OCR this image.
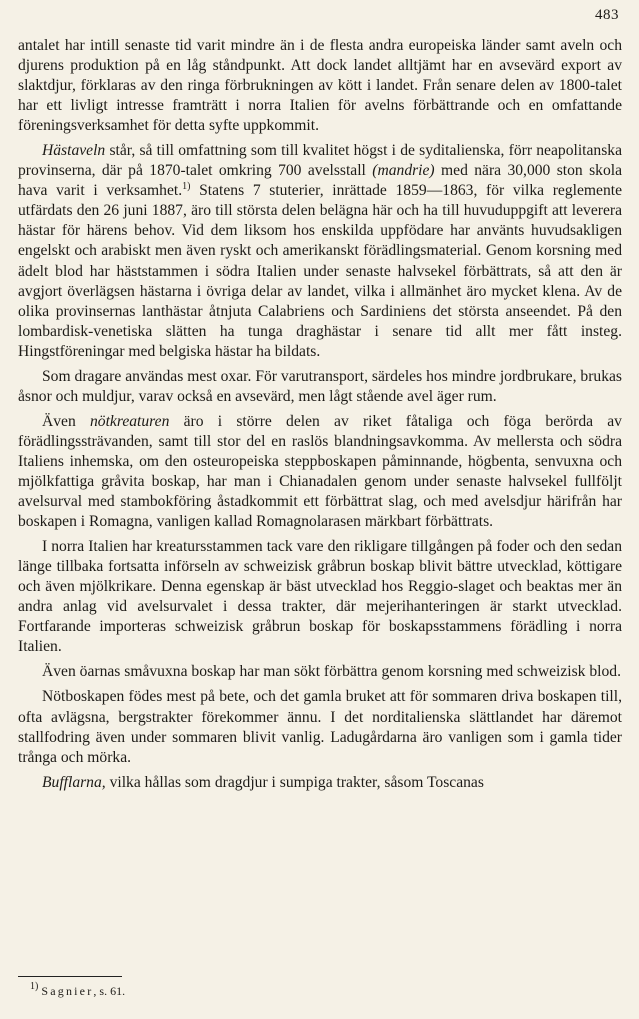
483

antalet har intill senaste tid varit mindre än i de flesta andra europeiska länder samt aveln och djurens produktion på en låg ståndpunkt. Att dock landet alltjämt har en avsevärd export av slaktdjur, förklaras av den ringa förbrukningen av kött i landet. Från senare delen av 1800-talet har ett livligt intresse framträtt i norra Italien för avelns förbättrande och en omfattande föreningsverksamhet för detta syfte uppkommit.

Hästaveln står, så till omfattning som till kvalitet högst i de syditalienska, förr neapolitanska provinserna, där på 1870-talet omkring 700 avelsstall (mandrie) med nära 30,000 ston skola hava varit i verksamhet.$^{1)}$ Statens 7 stuterier, inrättade 1859—1863, för vilka reglemente utfärdats den 26 juni 1887, äro till största delen belägna här och ha till huvuduppgift att leverera hästar för härens behov. Vid dem liksom hos enskilda uppfödare har använts huvudsakligen engelskt och arabiskt men även ryskt och amerikanskt förädlingsmaterial. Genom korsning med ädelt blod har häststammen i södra Italien under senaste halvsekel förbättrats, så att den är avgjort överlägsen hästarna i övriga delar av landet, vilka i allmänhet äro mycket klena. Av de olika provinsernas lanthästar åtnjuta Calabriens och Sardiniens det största anseendet. På den lombardisk-venetiska slätten ha tunga draghästar i senare tid allt mer fått insteg. Hingstföreningar med belgiska hästar ha bildats.

Som dragare användas mest oxar. För varutransport, särdeles hos mindre jordbrukare, brukas åsnor och muldjur, varav också en avsevärd, men lågt stående avel äger rum.

Även nötkreaturen äro i större delen av riket fåtaliga och föga berörda av förädlingssträvanden, samt till stor del en raslös blandningsavkomma. Av mellersta och södra Italiens inhemska, om den osteuropeiska steppboskapen påminnande, högbenta, senvuxna och mjölkfattiga gråvita boskap, har man i Chianadalen genom under senaste halvsekel fullföljt avelsurval med stambokföring åstadkommit ett förbättrat slag, och med avelsdjur härifrån har boskapen i Romagna, vanligen kallad Romagnolarasen märkbart förbättrats.

I norra Italien har kreatursstammen tack vare den rikligare tillgången på foder och den sedan länge tillbaka fortsatta införseln av schweizisk gråbrun boskap blivit bättre utvecklad, köttigare och även mjölkrikare. Denna egenskap är bäst utvecklad hos Reggio-slaget och beaktas mer än andra anlag vid avelsurvalet i dessa trakter, där mejerihanteringen är starkt utvecklad. Fortfarande importeras schweizisk gråbrun boskap för boskapsstammens förädling i norra Italien.

Även öarnas småvuxna boskap har man sökt förbättra genom korsning med schweizisk blod.

Nötboskapen födes mest på bete, och det gamla bruket att för sommaren driva boskapen till, ofta avlägsna, bergstrakter förekommer ännu. I det norditalienska slättlandet har däremot stallfodring även under sommaren blivit vanlig. Ladugårdarna äro vanligen som i gamla tider trånga och mörka.

Bufflarna, vilka hållas som dragdjur i sumpiga trakter, såsom Toscanas

$^{1)}$ Sagnier, s. 61.
